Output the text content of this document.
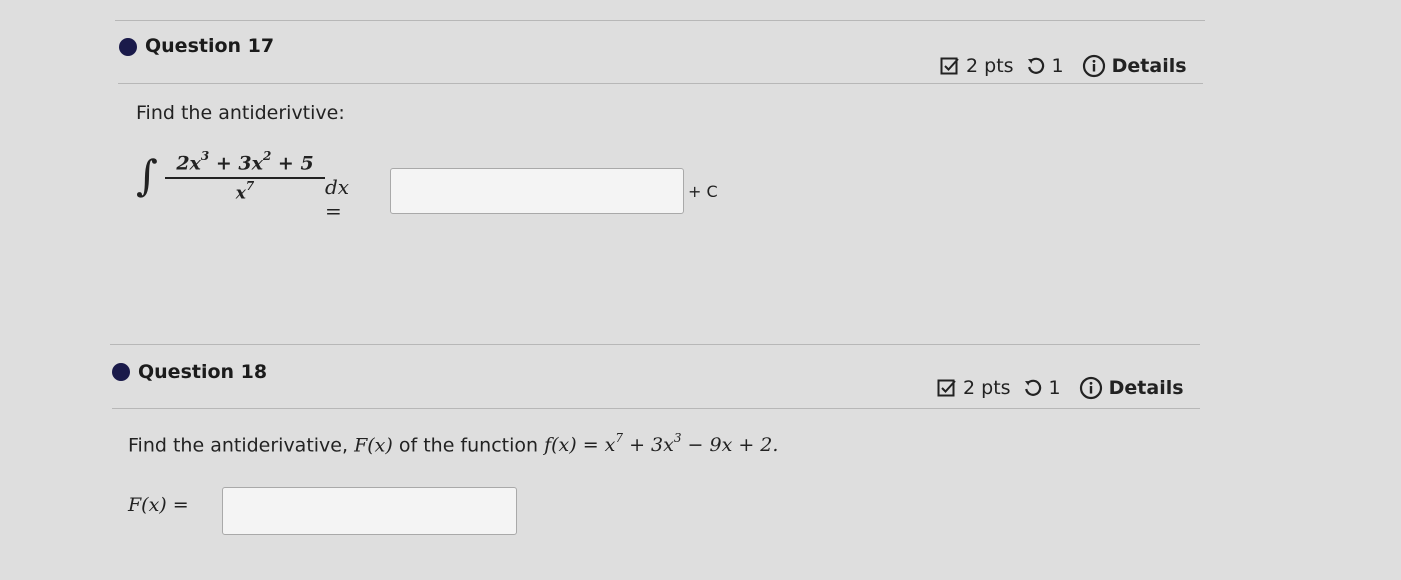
Question 17
2 pts 1	Details
Find the antiderivtive:
∫ $2x^3 + 3x^2 + 5$
$x^7$	dx =
+ C
Question 18
2 pts 1	Details
Find the antiderivative, F(x) of the function $f(x) = x^7 + 3x^3 - 9x + 2$.
F(x) =
